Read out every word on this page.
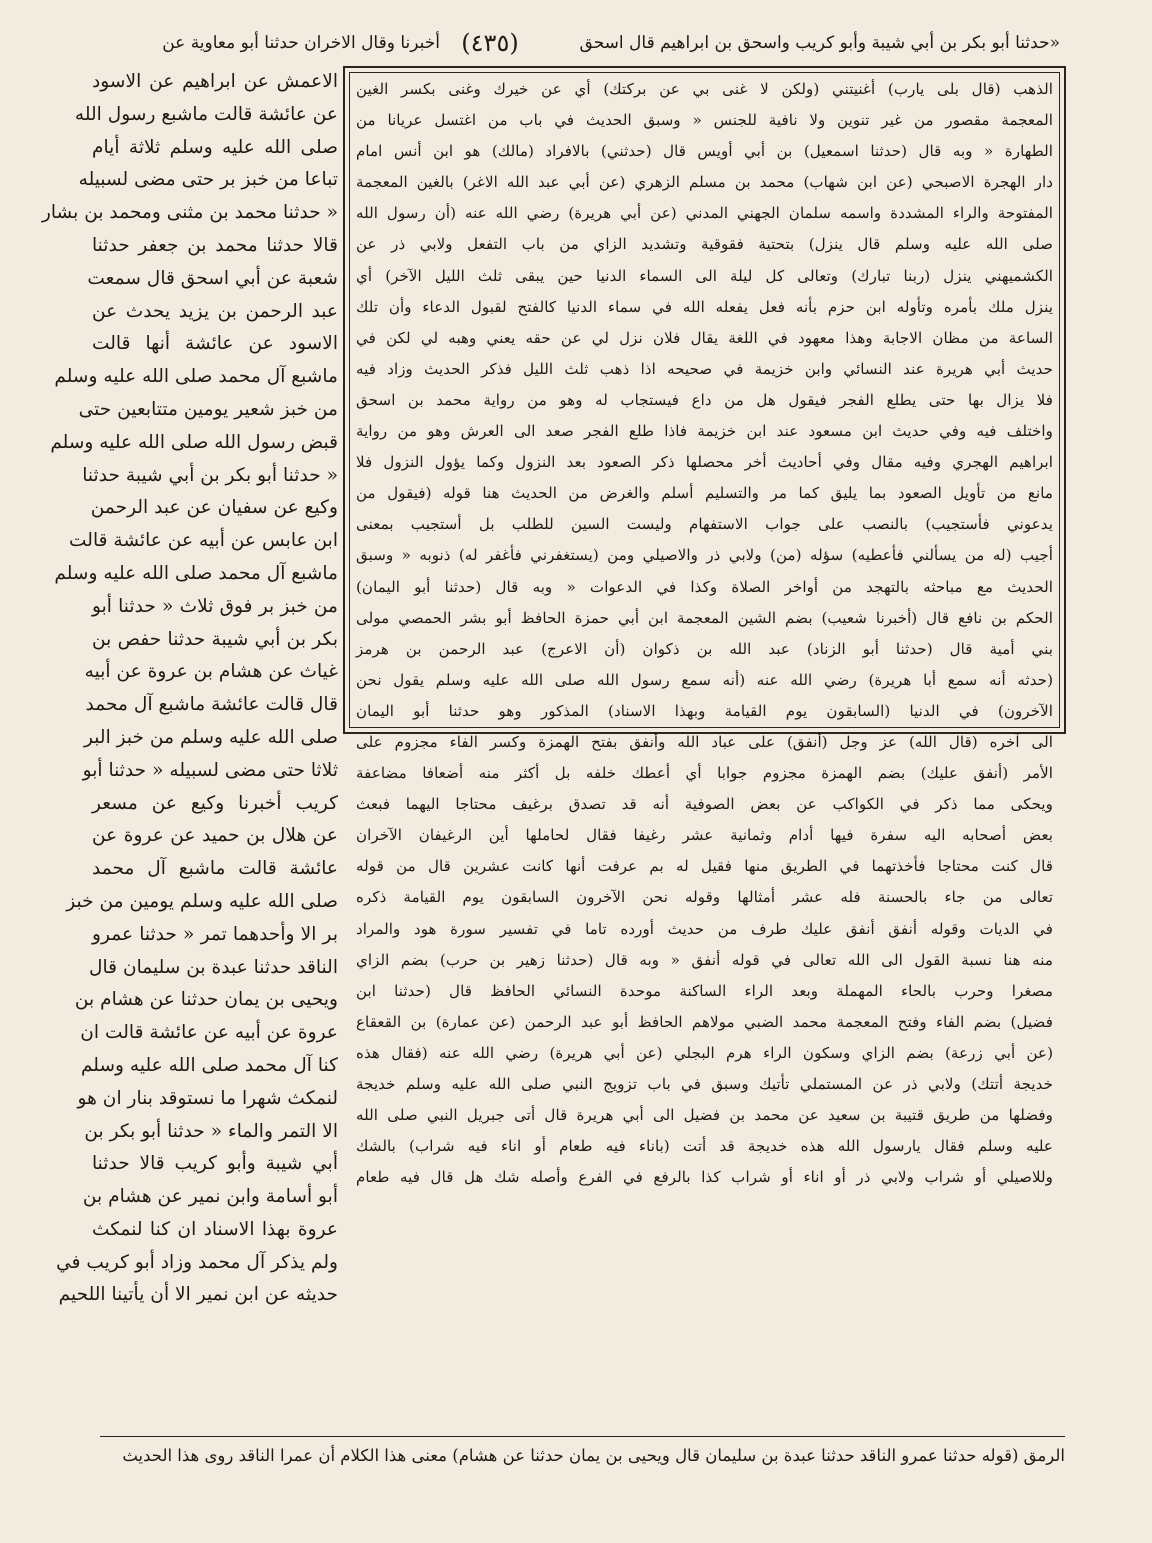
«حدثنا أبو بكر بن أبي شيبة وأبو كريب واسحق بن ابراهيم قال اسحق
(٤٣٥)
أخبرنا وقال الاخران حدثنا أبو معاوية عن
الاعمش عن ابراهيم عن الاسود
عن عائشة قالت ماشبع رسول الله
صلى الله عليه وسلم ثلاثة أيام
تباعا من خبز بر حتى مضى لسبيله
« حدثنا محمد بن مثنى ومحمد بن بشار
قالا حدثنا محمد بن جعفر حدثنا
شعبة عن أبي اسحق قال سمعت
عبد الرحمن بن يزيد يحدث عن
الاسود عن عائشة أنها قالت
ماشبع آل محمد صلى الله عليه وسلم
من خبز شعير يومين متتابعين حتى
قبض رسول الله صلى الله عليه وسلم
« حدثنا أبو بكر بن أبي شيبة حدثنا
وكيع عن سفيان عن عبد الرحمن
ابن عابس عن أبيه عن عائشة قالت
ماشبع آل محمد صلى الله عليه وسلم
من خبز بر فوق ثلاث « حدثنا أبو
بكر بن أبي شيبة حدثنا حفص بن
غياث عن هشام بن عروة عن أبيه
قال قالت عائشة ماشبع آل محمد
صلى الله عليه وسلم من خبز البر
ثلاثا حتى مضى لسبيله « حدثنا أبو
كريب أخبرنا وكيع عن مسعر
عن هلال بن حميد عن عروة عن
عائشة قالت ماشبع آل محمد
صلى الله عليه وسلم يومين من خبز
بر الا وأحدهما تمر « حدثنا عمرو
الناقد حدثنا عبدة بن سليمان قال
ويحيى بن يمان حدثنا عن هشام بن
عروة عن أبيه عن عائشة قالت ان
كنا آل محمد صلى الله عليه وسلم
لنمكث شهرا ما نستوقد بنار ان هو
الا التمر والماء « حدثنا أبو بكر بن
أبي شيبة وأبو كريب قالا حدثنا
أبو أسامة وابن نمير عن هشام بن
عروة بهذا الاسناد ان كنا لنمكث
ولم يذكر آل محمد وزاد أبو كريب في
حديثه عن ابن نمير الا أن يأتينا اللحيم
الذهب (قال بلى يارب) أغنيتني (ولكن لا غنى بي عن بركتك) أي عن خيرك وغنى بكسر الغين
المعجمة مقصور من غير تنوين ولا نافية للجنس « وسبق الحديث في باب من اغتسل عريانا من
الطهارة « وبه قال (حدثنا اسمعيل) بن أبي أويس قال (حدثني) بالافراد (مالك) هو ابن أنس امام
دار الهجرة الاصبحي (عن ابن شهاب) محمد بن مسلم الزهري (عن أبي عبد الله الاغر) بالغين المعجمة
المفتوحة والراء المشددة واسمه سلمان الجهني المدني (عن أبي هريرة) رضي الله عنه (أن رسول الله
صلى الله عليه وسلم قال ينزل) بتحتية فقوقية وتشديد الزاي من باب التفعل ولابي ذر عن
الكشميهني ينزل (ربنا تبارك) وتعالى كل ليلة الى السماء الدنيا حين يبقى ثلث الليل الآخر) أي
ينزل ملك بأمره وتأوله ابن حزم بأنه فعل يفعله الله في سماء الدنيا كالفتح لقبول الدعاء وأن تلك
الساعة من مظان الاجابة وهذا معهود في اللغة يقال فلان نزل لي عن حقه يعني وهبه لي لكن في
حديث أبي هريرة عند النسائي وابن خزيمة في صحيحه اذا ذهب ثلث الليل فذكر الحديث وزاد فيه
فلا يزال بها حتى يطلع الفجر فيقول هل من داع فيستجاب له وهو من رواية محمد بن اسحق
واختلف فيه وفي حديث ابن مسعود عند ابن خزيمة فاذا طلع الفجر صعد الى العرش وهو من رواية
ابراهيم الهجري وفيه مقال وفي أحاديث أخر محصلها ذكر الصعود بعد النزول وكما يؤول النزول فلا
مانع من تأويل الصعود بما يليق كما مر والتسليم أسلم والغرض من الحديث هنا قوله (فيقول من
يدعوني فأستجيب) بالنصب على جواب الاستفهام وليست السين للطلب بل أستجيب بمعنى
أجيب (له من يسألني فأعطيه) سؤله (من) ولابي ذر والاصيلي ومن (يستغفرني فأغفر له) ذنوبه « وسبق
الحديث مع مباحثه بالتهجد من أواخر الصلاة وكذا في الدعوات « وبه قال (حدثنا أبو اليمان)
الحكم بن نافع قال (أخبرنا شعيب) بضم الشين المعجمة ابن أبي حمزة الحافظ أبو بشر الحمصي مولى
بني أمية قال (حدثنا أبو الزناد) عبد الله بن ذكوان (أن الاعرج) عبد الرحمن بن هرمز
(حدثه أنه سمع أبا هريرة) رضي الله عنه (أنه سمع رسول الله صلى الله عليه وسلم يقول نحن
الآخرون) في الدنيا (السابقون يوم القيامة وبهذا الاسناد) المذكور وهو حدثنا أبو اليمان
الى آخره (قال الله) عز وجل (أنفق) على عباد الله وأنفق بفتح الهمزة وكسر الفاء مجزوم على
الأمر (أنفق عليك) بضم الهمزة مجزوم جوابا أي أعطك خلفه بل أكثر منه أضعافا مضاعفة
ويحكى مما ذكر في الكواكب عن بعض الصوفية أنه قد تصدق برغيف محتاجا اليهما فبعث
بعض أصحابه اليه سفرة فيها أدام وثمانية عشر رغيفا فقال لحاملها أين الرغيفان الآخران
قال كنت محتاجا فأخذتهما في الطريق منها فقيل له بم عرفت أنها كانت عشرين قال من قوله
تعالى من جاء بالحسنة فله عشر أمثالها وقوله نحن الآخرون السابقون يوم القيامة ذكره
في الديات وقوله أنفق أنفق عليك طرف من حديث أورده تاما في تفسير سورة هود والمراد
منه هنا نسبة القول الى الله تعالى في قوله أنفق « وبه قال (حدثنا زهير بن حرب) بضم الزاي
مصغرا وحرب بالحاء المهملة وبعد الراء الساكنة موحدة النسائي الحافظ قال (حدثنا ابن
فضيل) بضم الفاء وفتح المعجمة محمد الضبي مولاهم الحافظ أبو عبد الرحمن (عن عمارة) بن القعقاع
(عن أبي زرعة) بضم الزاي وسكون الراء هرم البجلي (عن أبي هريرة) رضي الله عنه (فقال هذه
خديجة أتتك) ولابي ذر عن المستملي تأتيك وسبق في باب تزويج النبي صلى الله عليه وسلم خديجة
وفضلها من طريق قتيبة بن سعيد عن محمد بن فضيل الى أبي هريرة قال أتى جبريل النبي صلى الله
عليه وسلم فقال يارسول الله هذه خديجة قد أتت (باناء فيه طعام أو اناء فيه شراب) بالشك
وللاصيلي أو شراب ولابي ذر أو اناء أو شراب كذا بالرفع في الفرع وأصله شك هل قال فيه طعام
الرمق (قوله حدثنا عمرو الناقد حدثنا عبدة بن سليمان قال ويحيى بن يمان حدثنا عن هشام) معنى هذا الكلام أن عمرا الناقد روى هذا الحديث
